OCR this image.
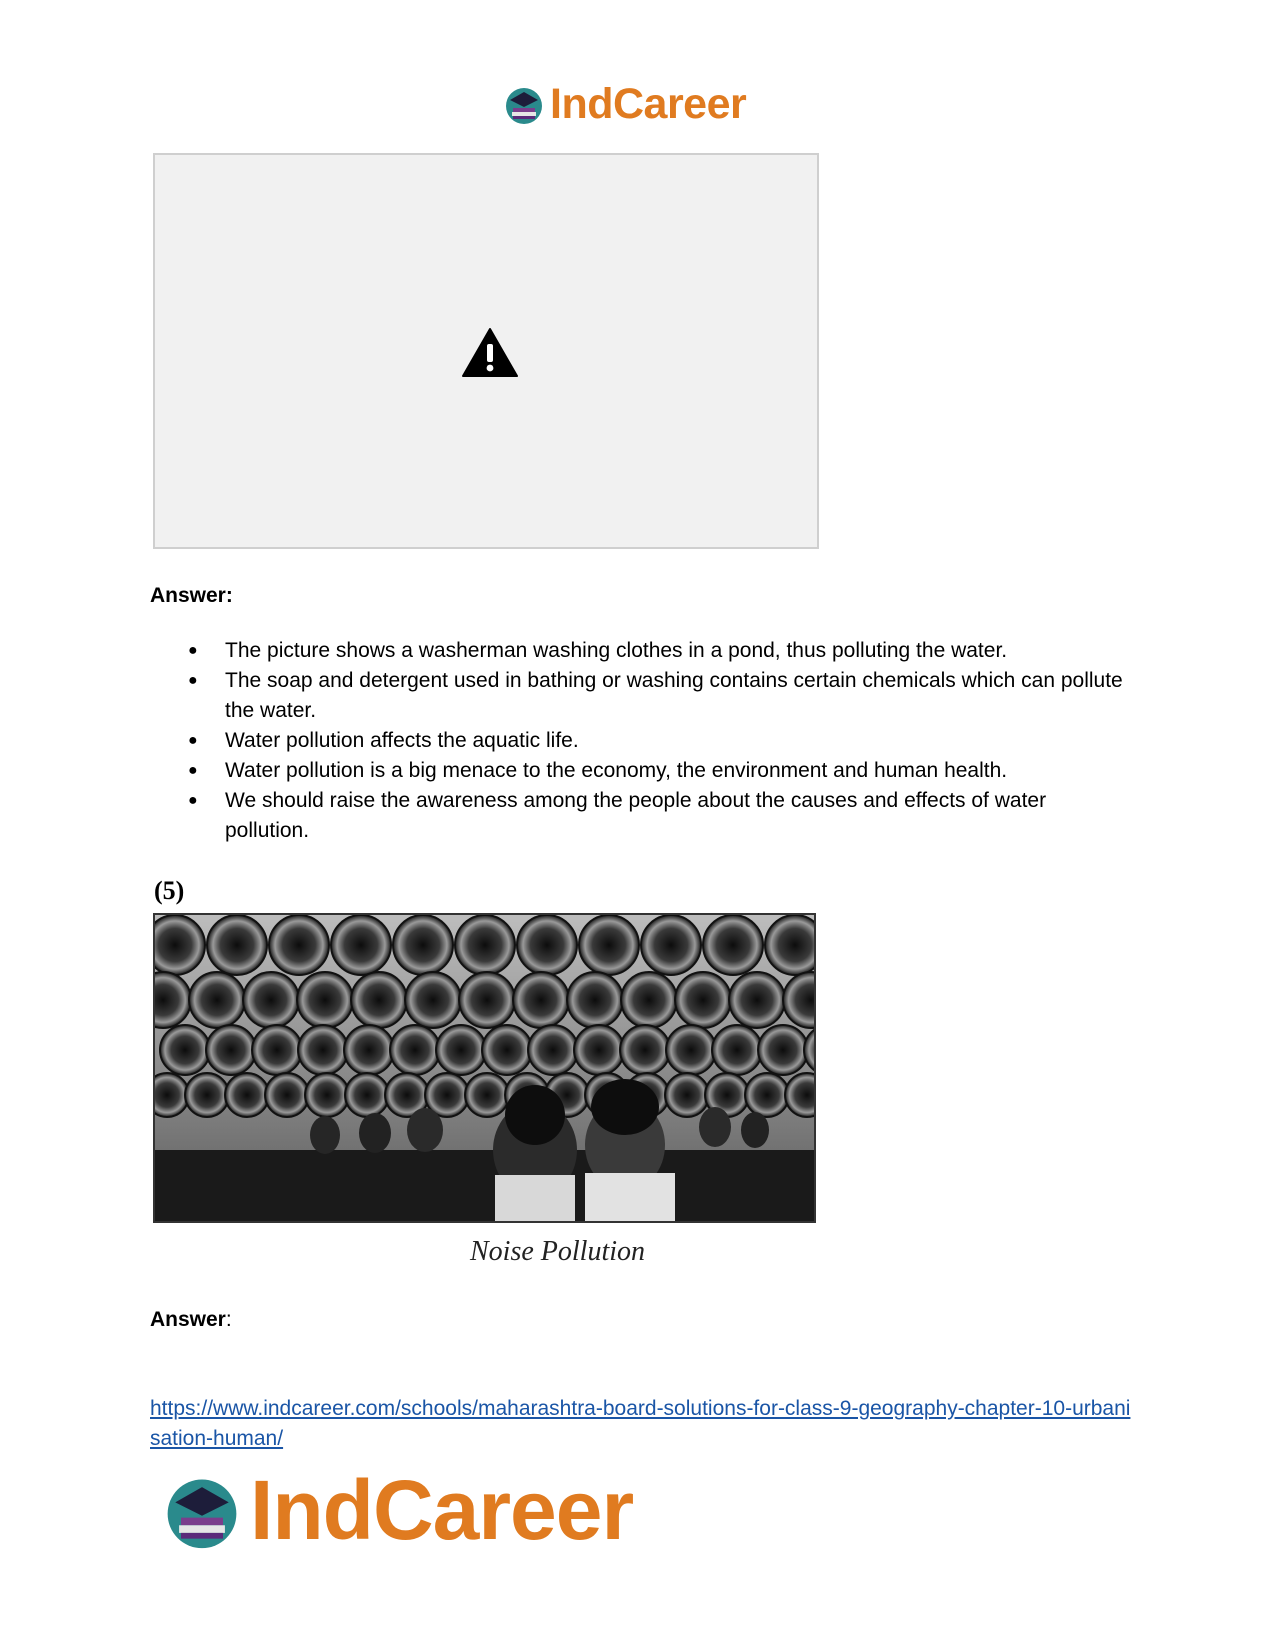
IndCareer
Answer:
● The picture shows a washerman washing clothes in a pond, thus polluting the water.
● The soap and detergent used in bathing or washing contains certain chemicals which can pollute the water.
● Water pollution affects the aquatic life.
● Water pollution is a big menace to the economy, the environment and human health.
● We should raise the awareness among the people about the causes and effects of water pollution.
(5)
Noise Pollution
Answer:
https://www.indcareer.com/schools/maharashtra-board-solutions-for-class-9-geography-chapter-10-urbanisation-human/
IndCareer
